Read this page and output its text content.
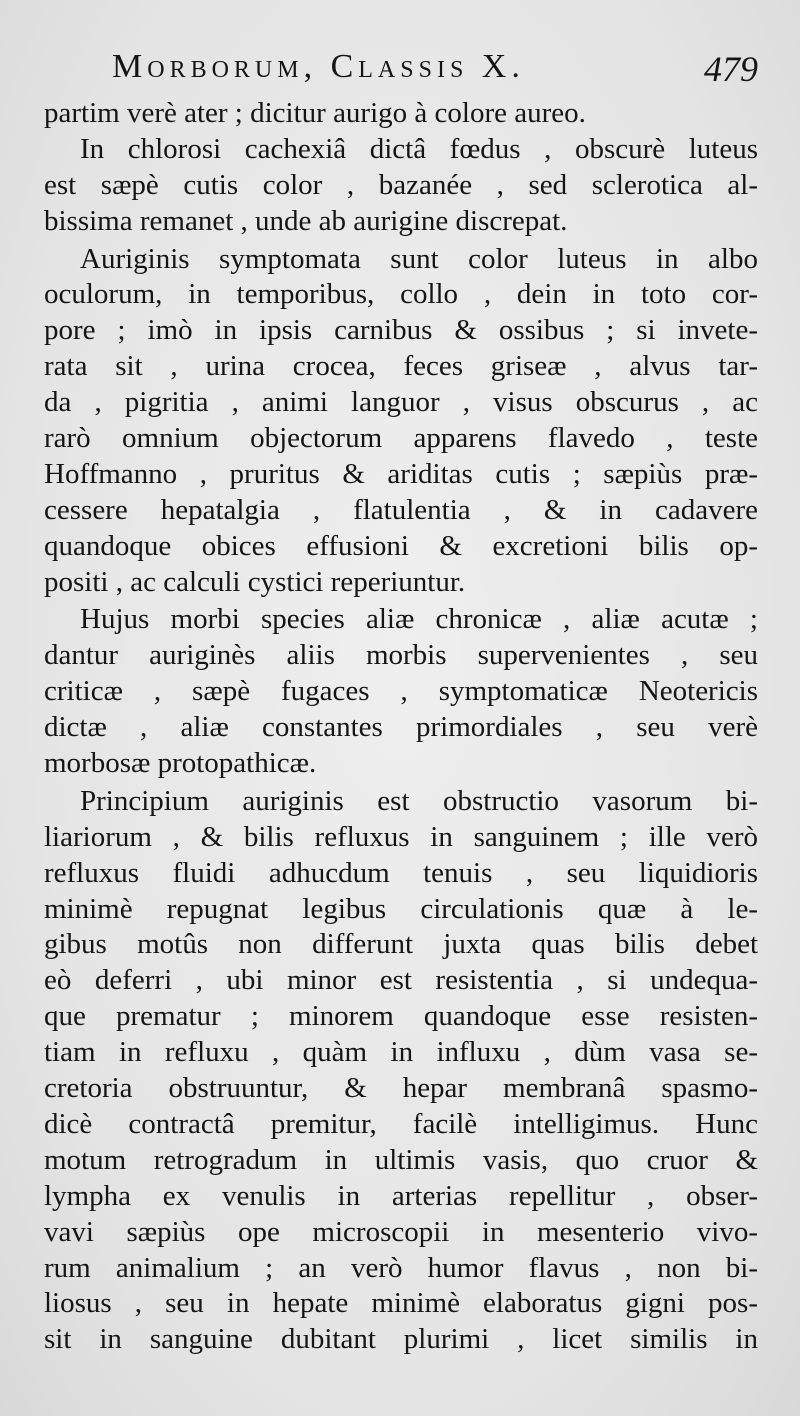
Morborum, Classis X.	479
partim verè ater ; dicitur aurigo à colore aureo.
In chlorosi cachexiâ dictâ fœdus , obscurè luteus
est sæpè cutis color , bazanée , sed sclerotica al-
bissima remanet , unde ab aurigine discrepat.
Auriginis symptomata sunt color luteus in albo
oculorum, in temporibus, collo , dein in toto cor-
pore ; imò in ipsis carnibus & ossibus ; si invete-
rata sit , urina crocea, feces griseæ , alvus tar-
da , pigritia , animi languor , visus obscurus , ac
rarò omnium objectorum apparens flavedo , teste
Hoffmanno , pruritus & ariditas cutis ; sæpiùs præ-
cessere hepatalgia , flatulentia , & in cadavere
quandoque obices effusioni & excretioni bilis op-
positi , ac calculi cystici reperiuntur.
Hujus morbi species aliæ chronicæ , aliæ acutæ ;
dantur auriginès aliis morbis supervenientes , seu
criticæ , sæpè fugaces , symptomaticæ Neotericis
dictæ , aliæ constantes primordiales , seu verè
morbosæ protopathicæ.
Principium auriginis est obstructio vasorum bi-
liariorum , & bilis refluxus in sanguinem ; ille verò
refluxus fluidi adhucdum tenuis , seu liquidioris
minimè repugnat legibus circulationis quæ à le-
gibus motûs non differunt juxta quas bilis debet
eò deferri , ubi minor est resistentia , si undequa-
que prematur ; minorem quandoque esse resisten-
tiam in refluxu , quàm in influxu , dùm vasa se-
cretoria obstruuntur, & hepar membranâ spasmo-
dicè contractâ premitur, facilè intelligimus. Hunc
motum retrogradum in ultimis vasis, quo cruor &
lympha ex venulis in arterias repellitur , obser-
vavi sæpiùs ope microscopii in mesenterio vivo-
rum animalium ; an verò humor flavus , non bi-
liosus , seu in hepate minimè elaboratus gigni pos-
sit in sanguine dubitant plurimi , licet similis in
